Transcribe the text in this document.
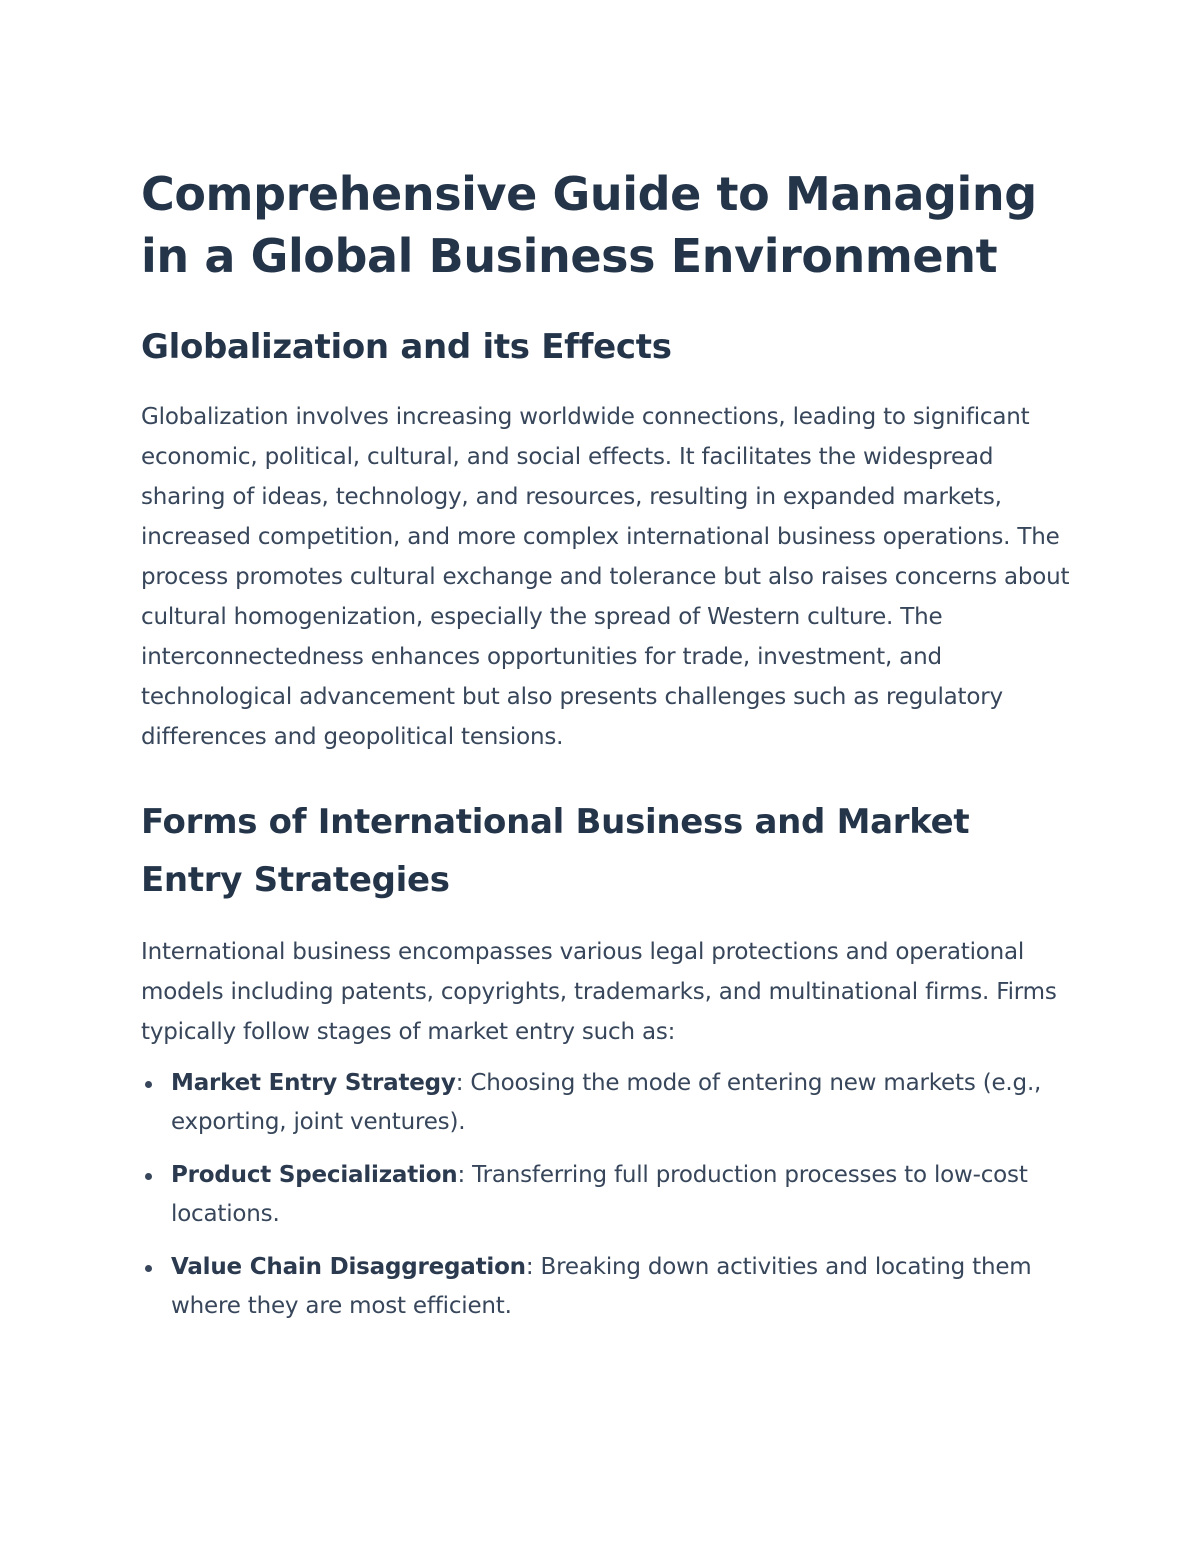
Comprehensive Guide to Managing in a Global Business Environment
Globalization and its Effects

Globalization involves increasing worldwide connections, leading to significant economic, political, cultural, and social effects. It facilitates the widespread sharing of ideas, technology, and resources, resulting in expanded markets, increased competition, and more complex international business operations. The process promotes cultural exchange and tolerance but also raises concerns about cultural homogenization, especially the spread of Western culture. The interconnectedness enhances opportunities for trade, investment, and technological advancement but also presents challenges such as regulatory differences and geopolitical tensions.

Forms of International Business and Market Entry Strategies

International business encompasses various legal protections and operational models including patents, copyrights, trademarks, and multinational firms. Firms typically follow stages of market entry such as:

Market Entry Strategy: Choosing the mode of entering new markets (e.g., exporting, joint ventures).
Product Specialization: Transferring full production processes to low-cost locations.
Value Chain Disaggregation: Breaking down activities and locating them where they are most efficient.
